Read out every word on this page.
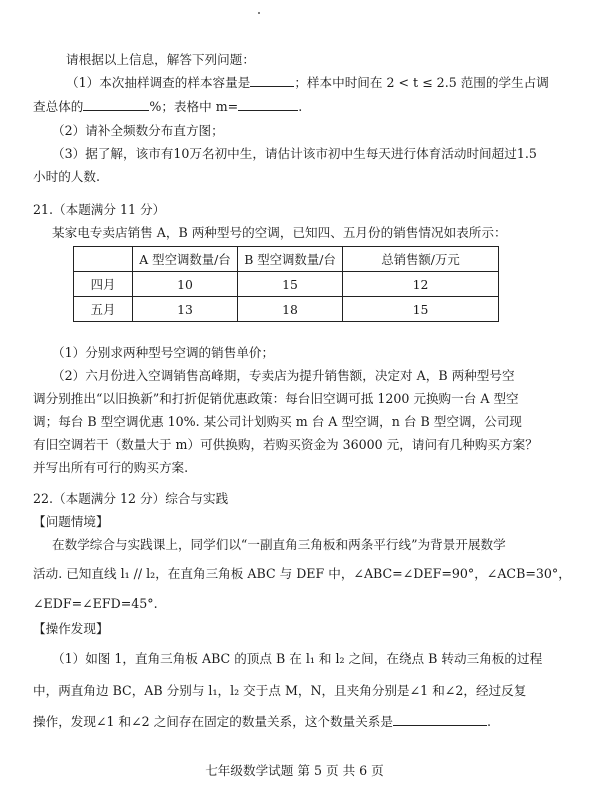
请根据以上信息，解答下列问题：
（1）本次抽样调查的样本容量是	；样本中时间在 2 < t ≤ 2.5 范围的学生占调
查总体的	%；表格中 m=	.
（2）请补全频数分布直方图；
（3）据了解，该市有10万名初中生，请估计该市初中生每天进行体育活动时间超过1.5
小时的人数.
21.（本题满分 11 分）
某家电专卖店销售 A，B 两种型号的空调，已知四、五月份的销售情况如表所示：
	A 型空调数量/台	B 型空调数量/台	总销售额/万元
四月	10	15	12
五月	13	18	15
（1）分别求两种型号空调的销售单价；
（2）六月份进入空调销售高峰期，专卖店为提升销售额，决定对 A，B 两种型号空
调分别推出“以旧换新”和打折促销优惠政策：每台旧空调可抵 1200 元换购一台 A 型空
调；每台 B 型空调优惠 10%. 某公司计划购买 m 台 A 型空调，n 台 B 型空调，公司现
有旧空调若干（数量大于 m）可供换购，若购买资金为 36000 元，请问有几种购买方案？
并写出所有可行的购买方案.
22.（本题满分 12 分）综合与实践
【问题情境】
在数学综合与实践课上，同学们以“一副直角三角板和两条平行线”为背景开展数学
活动. 已知直线 l₁ // l₂，在直角三角板 ABC 与 DEF 中，∠ABC=∠DEF=90°，∠ACB=30°，
∠EDF=∠EFD=45°.
【操作发现】
（1）如图 1，直角三角板 ABC 的顶点 B 在 l₁ 和 l₂ 之间，在绕点 B 转动三角板的过程
中，两直角边 BC，AB 分别与 l₁，l₂ 交于点 M，N，且夹角分别是∠1 和∠2，经过反复
操作，发现∠1 和∠2 之间存在固定的数量关系，这个数量关系是	.
七年级数学试题 第 5 页 共 6 页
